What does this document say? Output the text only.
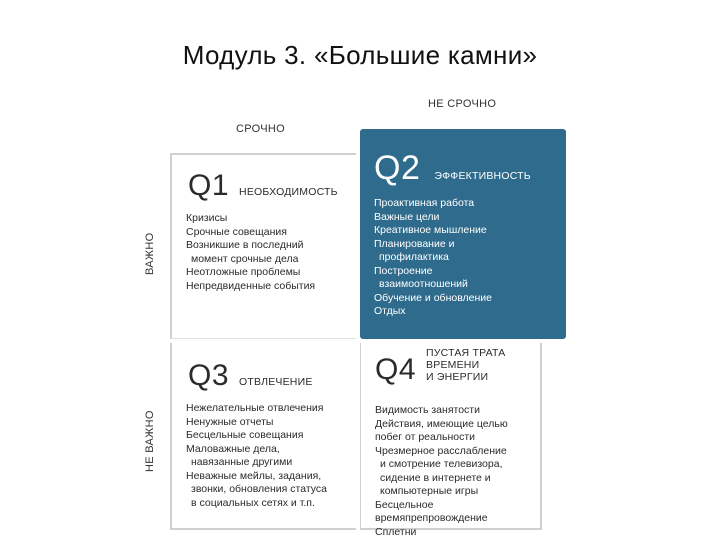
Модуль 3. «Большие камни»
СРОЧНО
НЕ СРОЧНО
ВАЖНО
НЕ ВАЖНО
Q1 НЕОБХОДИМОСТЬ
Кризисы
Срочные совещания
Возникшие в последний
момент срочные дела
Неотложные проблемы
Непредвиденные события
Q2 ЭФФЕКТИВНОСТЬ
Проактивная работа
Важные цели
Креативное мышление
Планирование и
профилактика
Построение
взаимоотношений
Обучение и обновление
Отдых
Q3 ОТВЛЕЧЕНИЕ
Нежелательные отвлечения
Ненужные отчеты
Бесцельные совещания
Маловажные дела,
навязанные другими
Неважные мейлы, задания,
звонки, обновления статуса
в социальных сетях и т.п.
Q4 ПУСТАЯ ТРАТА
ВРЕМЕНИ
И ЭНЕРГИИ
Видимость занятости
Действия, имеющие целью
побег от реальности
Чрезмерное расслабление
и смотрение телевизора,
сидение в интернете и
компьютерные игры
Бесцельное
времяпрепровождение
Сплетни
